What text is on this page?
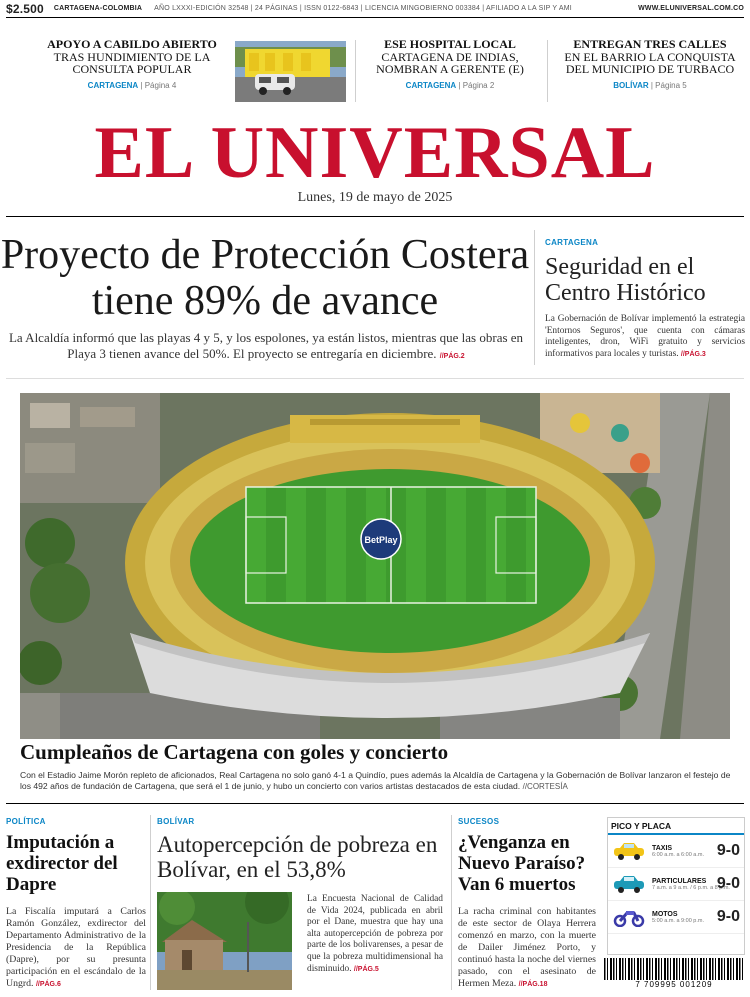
$2.500 CARTAGENA-COLOMBIA AÑO LXXXI-EDICIÓN 32548 | 24 PÁGINAS | ISSN 0122-6843 | LICENCIA MINGOBIERNO 003384 | AFILIADO A LA SIP Y AMI	WWW.ELUNIVERSAL.COM.CO
APOYO A CABILDO ABIERTO
TRAS HUNDIMIENTO DE LA CONSULTA POPULAR
CARTAGENA | Página 4
ESE HOSPITAL LOCAL
CARTAGENA DE INDIAS, NOMBRAN A GERENTE (E)
CARTAGENA | Página 2
ENTREGAN TRES CALLES
EN EL BARRIO LA CONQUISTA DEL MUNICIPIO DE TURBACO
BOLÍVAR | Página 5
EL UNIVERSAL
Lunes, 19 de mayo de 2025
Proyecto de Protección Costera tiene 89% de avance
La Alcaldía informó que las playas 4 y 5, y los espolones, ya están listos, mientras que las obras en Playa 3 tienen avance del 50%. El proyecto se entregaría en diciembre. //PÁG.2
CARTAGENA
Seguridad en el Centro Histórico
La Gobernación de Bolívar implementó la estrategia 'Entornos Seguros', que cuenta con cámaras inteligentes, dron, WiFi gratuito y servicios informativos para locales y turistas. //PÁG.3
BetPlay
Cumpleaños de Cartagena con goles y concierto
Con el Estadio Jaime Morón repleto de aficionados, Real Cartagena no solo ganó 4-1 a Quindío, pues además la Alcaldía de Cartagena y la Gobernación de Bolívar lanzaron el festejo de los 492 años de fundación de Cartagena, que será el 1 de junio, y hubo un concierto con varios artistas destacados de esta ciudad. //CORTESÍA
POLÍTICA
Imputación a exdirector del Dapre
La Fiscalía imputará a Carlos Ramón González, exdirector del Departamento Administrativo de la Presidencia de la República (Dapre), por su presunta participación en el escándalo de la Ungrd. //PÁG.6
BOLÍVAR
Autopercepción de pobreza en Bolívar, en el 53,8%
La Encuesta Nacional de Calidad de Vida 2024, publicada en abril por el Dane, muestra que hay una alta autopercepción de pobreza por parte de los bolivarenses, a pesar de que la pobreza multidimensional ha disminuido. //PÁG.5
SUCESOS
¿Venganza en Nuevo Paraíso? Van 6 muertos
La racha criminal con habitantes de este sector de Olaya Herrera comenzó en marzo, con la muerte de Dailer Jiménez Porto, y continuó hasta la noche del viernes pasado, con el asesinato de Hermen Meza. //PÁG.18
PICO Y PLACA
TAXIS
6:00 a.m. a 6:00 a.m. 9-0
PARTICULARES
7 a.m. a 9 a.m. / 6 p.m. a 8 p.m.
9-0
MOTOS
5:00 a.m. a 9:00 p.m. 9-0
7 709995 001209
